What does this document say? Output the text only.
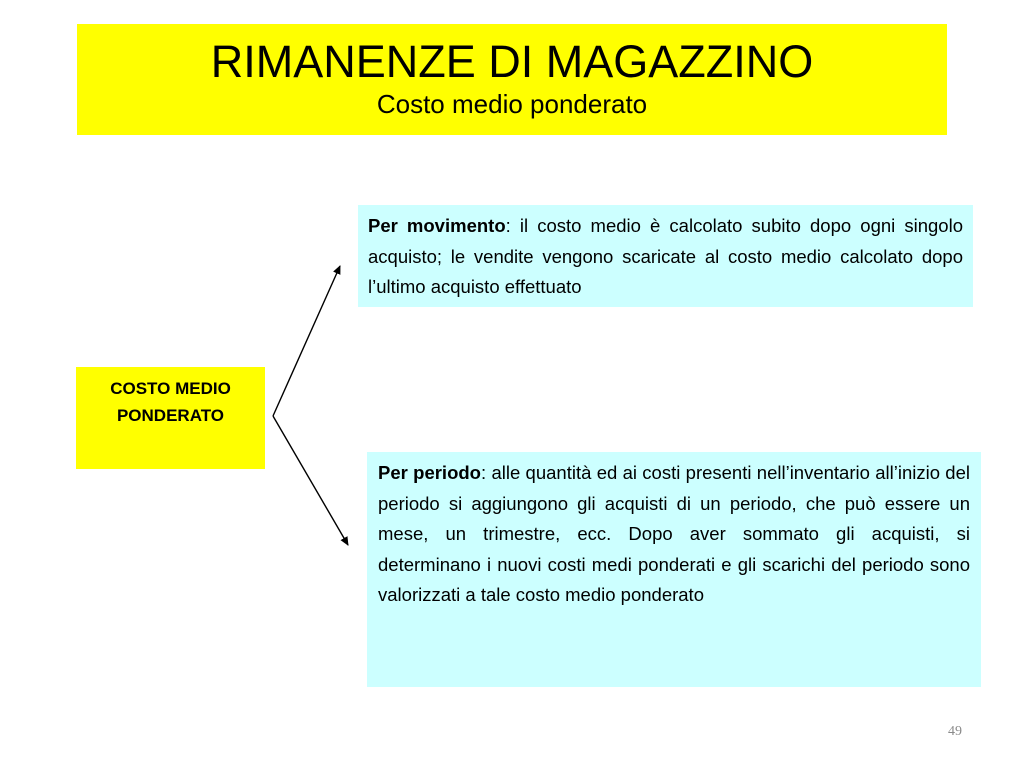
RIMANENZE DI MAGAZZINO
Costo medio ponderato
COSTO MEDIO
PONDERATO
Per movimento: il costo medio è calcolato subito dopo ogni singolo acquisto; le vendite vengono scaricate al costo medio calcolato dopo l’ultimo acquisto effettuato
Per periodo: alle quantità ed ai costi presenti nell’inventario all’inizio del periodo si aggiungono gli acquisti di un periodo, che può essere un mese, un trimestre, ecc. Dopo aver sommato gli acquisti, si determinano i nuovi costi medi ponderati e gli scarichi del periodo sono valorizzati a tale costo medio ponderato
49
